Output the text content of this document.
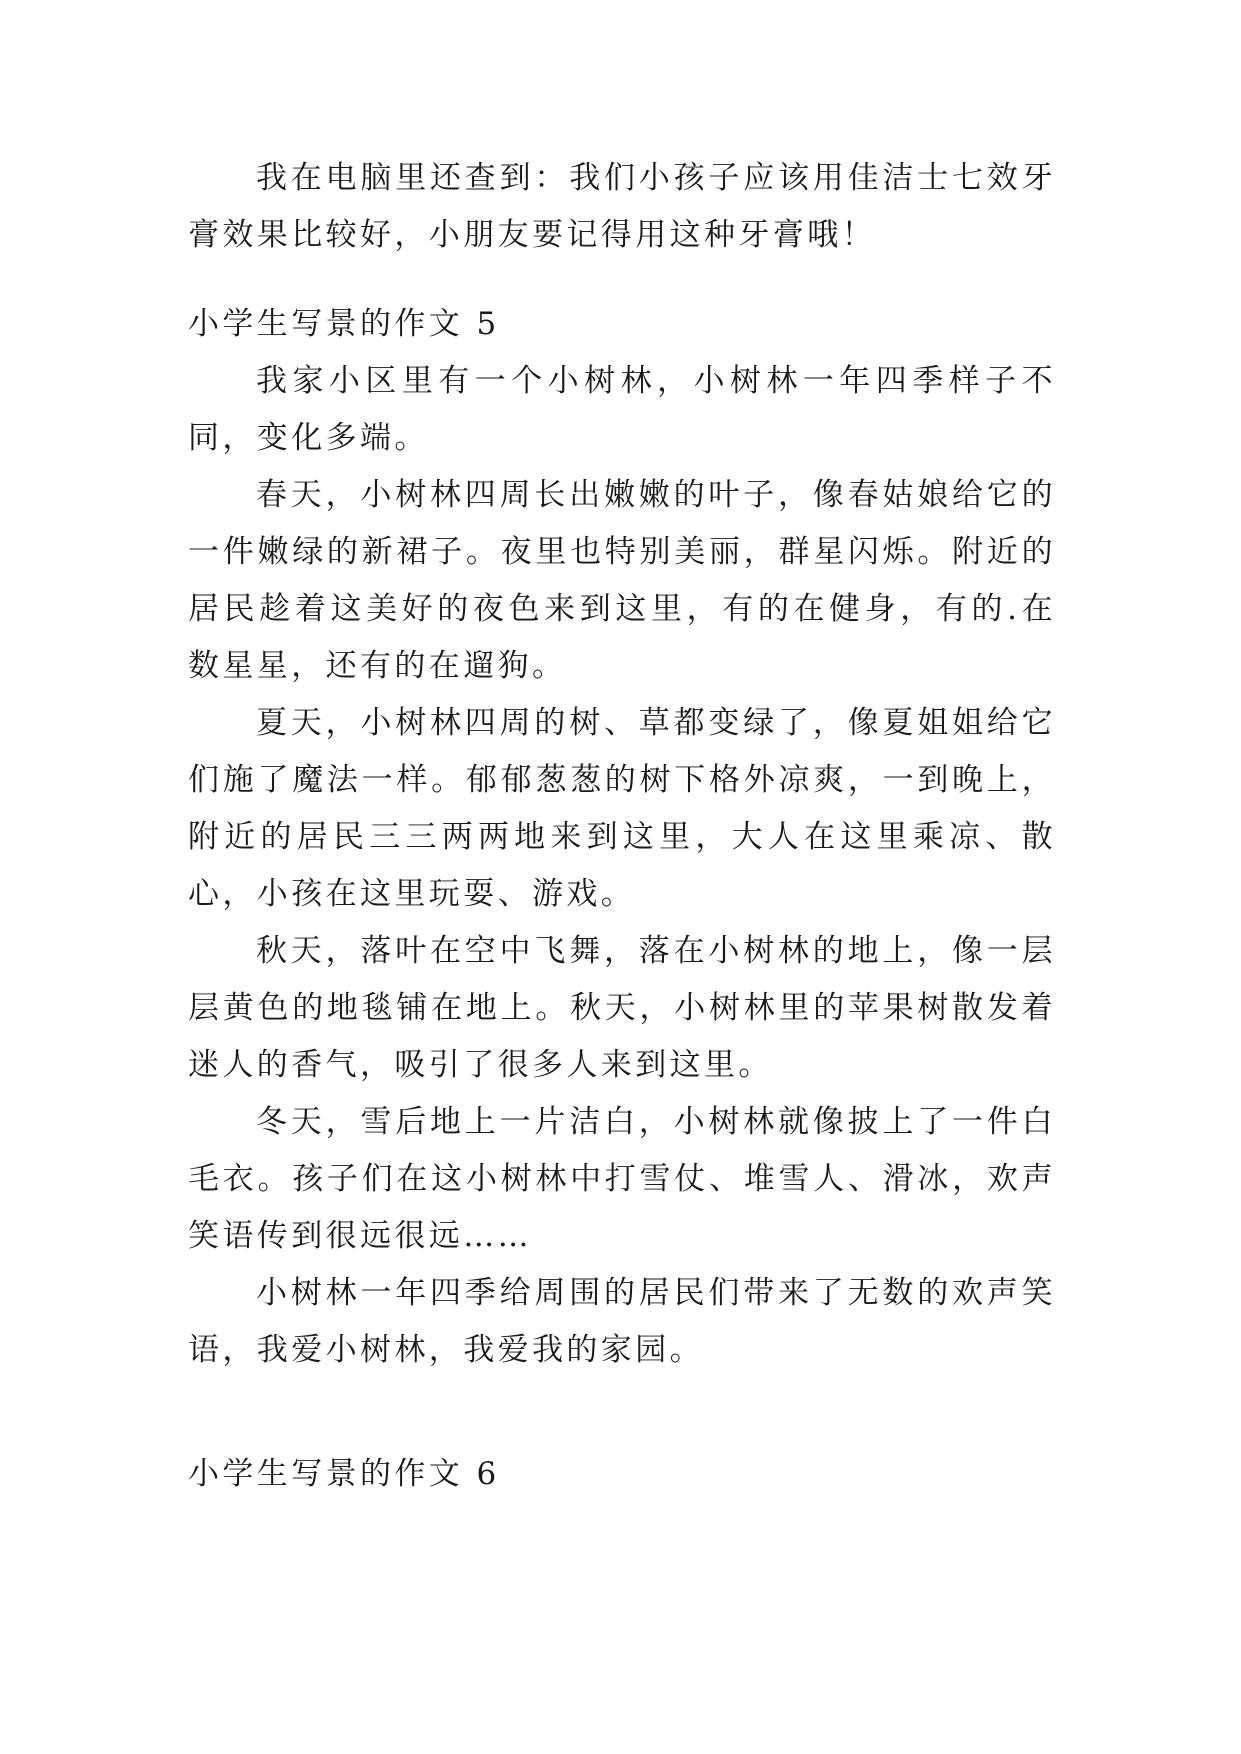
我在电脑里还查到：我们小孩子应该用佳洁士七效牙膏效果比较好，小朋友要记得用这种牙膏哦！

小学生写景的作文 5

我家小区里有一个小树林，小树林一年四季样子不同，变化多端。

春天，小树林四周长出嫩嫩的叶子，像春姑娘给它的一件嫩绿的新裙子。夜里也特别美丽，群星闪烁。附近的居民趁着这美好的夜色来到这里，有的在健身，有的.在数星星，还有的在遛狗。

夏天，小树林四周的树、草都变绿了，像夏姐姐给它们施了魔法一样。郁郁葱葱的树下格外凉爽，一到晚上，附近的居民三三两两地来到这里，大人在这里乘凉、散心，小孩在这里玩耍、游戏。

秋天，落叶在空中飞舞，落在小树林的地上，像一层层黄色的地毯铺在地上。秋天，小树林里的苹果树散发着迷人的香气，吸引了很多人来到这里。

冬天，雪后地上一片洁白，小树林就像披上了一件白毛衣。孩子们在这小树林中打雪仗、堆雪人、滑冰，欢声笑语传到很远很远……

小树林一年四季给周围的居民们带来了无数的欢声笑语，我爱小树林，我爱我的家园。

小学生写景的作文 6
